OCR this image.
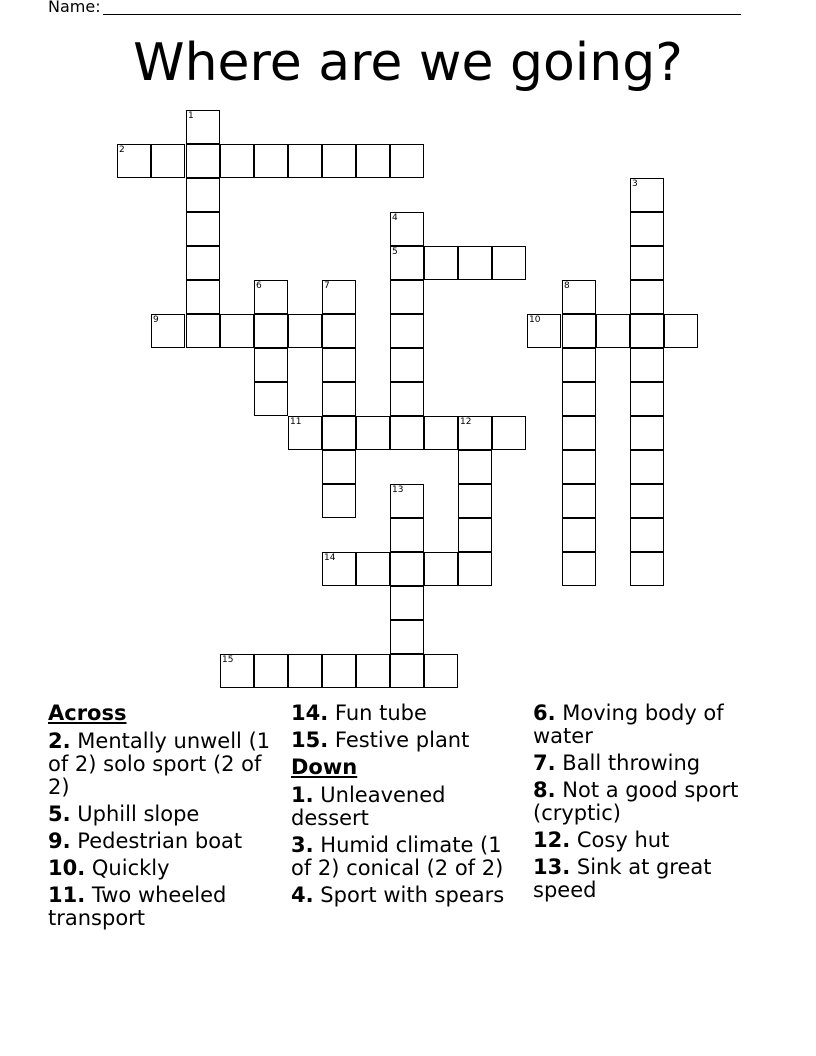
Name:
Where are we going?
1
2
3
4
5
6	7	8
9	10
11	12
13
14
15
Across
2. Mentally unwell (1 of 2) solo sport (2 of 2)
5. Uphill slope
9. Pedestrian boat
10. Quickly
11. Two wheeled transport
14. Fun tube
15. Festive plant
Down
1. Unleavened dessert
3. Humid climate (1 of 2) conical (2 of 2)
4. Sport with spears
6. Moving body of water
7. Ball throwing
8. Not a good sport (cryptic)
12. Cosy hut
13. Sink at great speed
